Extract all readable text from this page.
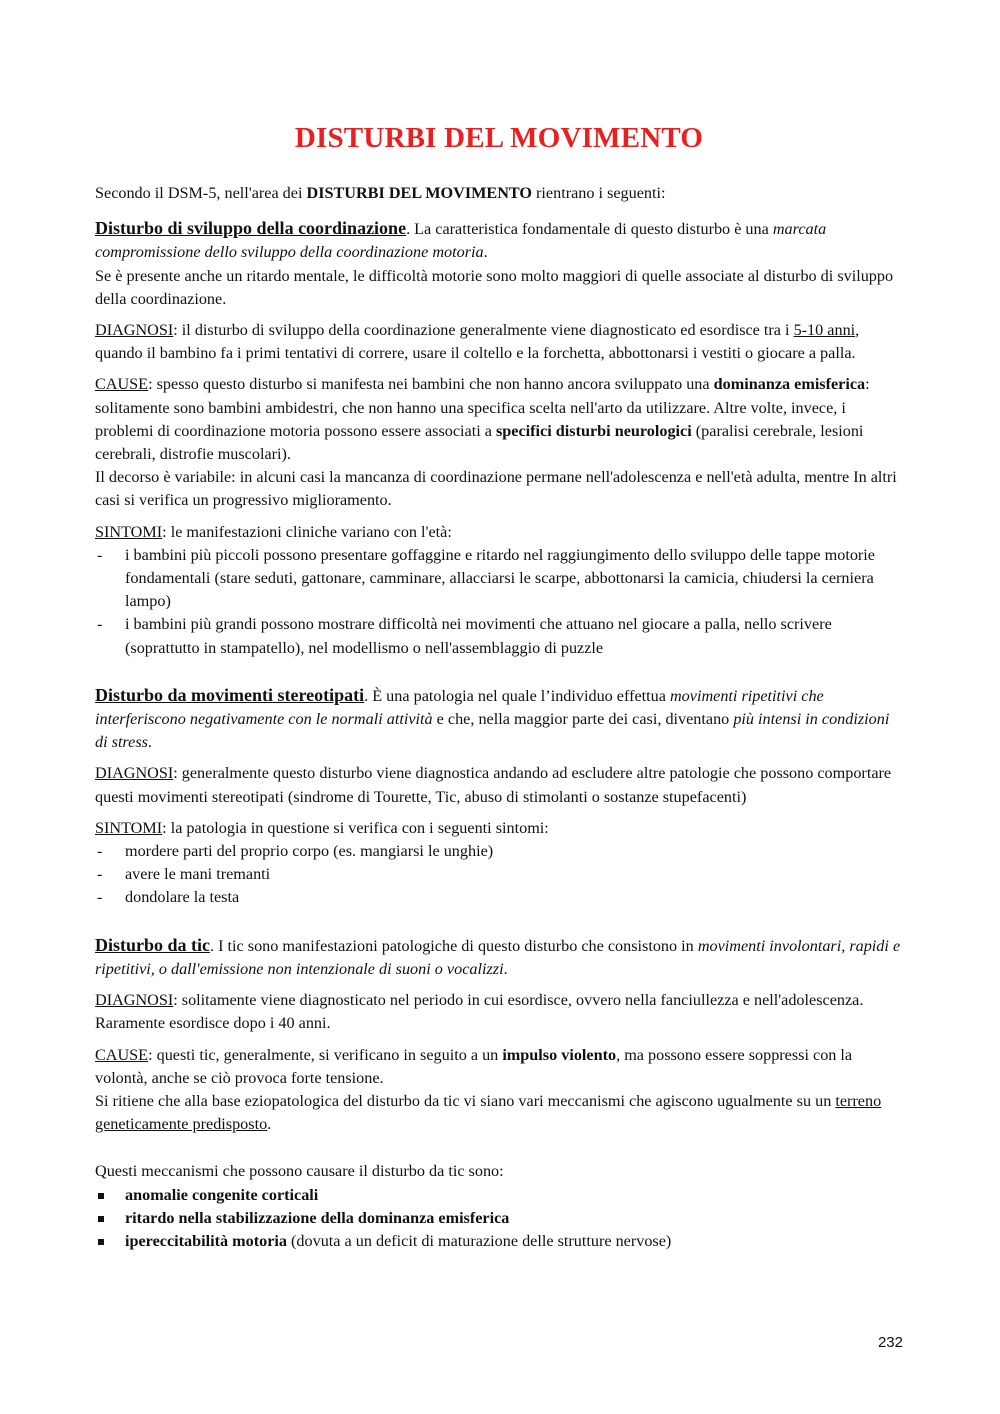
DISTURBI DEL MOVIMENTO

Secondo il DSM-5, nell'area dei DISTURBI DEL MOVIMENTO rientrano i seguenti:

Disturbo di sviluppo della coordinazione. La caratteristica fondamentale di questo disturbo è una marcata compromissione dello sviluppo della coordinazione motoria.
Se è presente anche un ritardo mentale, le difficoltà motorie sono molto maggiori di quelle associate al disturbo di sviluppo della coordinazione.

DIAGNOSI: il disturbo di sviluppo della coordinazione generalmente viene diagnosticato ed esordisce tra i 5-10 anni, quando il bambino fa i primi tentativi di correre, usare il coltello e la forchetta, abbottonarsi i vestiti o giocare a palla.

CAUSE: spesso questo disturbo si manifesta nei bambini che non hanno ancora sviluppato una dominanza emisferica: solitamente sono bambini ambidestri, che non hanno una specifica scelta nell'arto da utilizzare. Altre volte, invece, i problemi di coordinazione motoria possono essere associati a specifici disturbi neurologici (paralisi cerebrale, lesioni cerebrali, distrofie muscolari).
Il decorso è variabile: in alcuni casi la mancanza di coordinazione permane nell'adolescenza e nell'età adulta, mentre In altri casi si verifica un progressivo miglioramento.

SINTOMI: le manifestazioni cliniche variano con l'età:

- i bambini più piccoli possono presentare goffaggine e ritardo nel raggiungimento dello sviluppo delle tappe motorie fondamentali (stare seduti, gattonare, camminare, allacciarsi le scarpe, abbottonarsi la camicia, chiudersi la cerniera lampo)
- i bambini più grandi possono mostrare difficoltà nei movimenti che attuano nel giocare a palla, nello scrivere (soprattutto in stampatello), nel modellismo o nell'assemblaggio di puzzle

Disturbo da movimenti stereotipati. È una patologia nel quale l’individuo effettua movimenti ripetitivi che interferiscono negativamente con le normali attività e che, nella maggior parte dei casi, diventano più intensi in condizioni di stress.

DIAGNOSI: generalmente questo disturbo viene diagnostica andando ad escludere altre patologie che possono comportare questi movimenti stereotipati (sindrome di Tourette, Tic, abuso di stimolanti o sostanze stupefacenti)

SINTOMI: la patologia in questione si verifica con i seguenti sintomi:

- mordere parti del proprio corpo (es. mangiarsi le unghie)
- avere le mani tremanti
- dondolare la testa

Disturbo da tic. I tic sono manifestazioni patologiche di questo disturbo che consistono in movimenti involontari, rapidi e ripetitivi, o dall'emissione non intenzionale di suoni o vocalizzi.

DIAGNOSI: solitamente viene diagnosticato nel periodo in cui esordisce, ovvero nella fanciullezza e nell'adolescenza. Raramente esordisce dopo i 40 anni.

CAUSE: questi tic, generalmente, si verificano in seguito a un impulso violento, ma possono essere soppressi con la volontà, anche se ciò provoca forte tensione.
Si ritiene che alla base eziopatologica del disturbo da tic vi siano vari meccanismi che agiscono ugualmente su un terreno geneticamente predisposto.

Questi meccanismi che possono causare il disturbo da tic sono:

anomalie congenite corticali
ritardo nella stabilizzazione della dominanza emisferica
ipereccitabilità motoria (dovuta a un deficit di maturazione delle strutture nervose)
232
